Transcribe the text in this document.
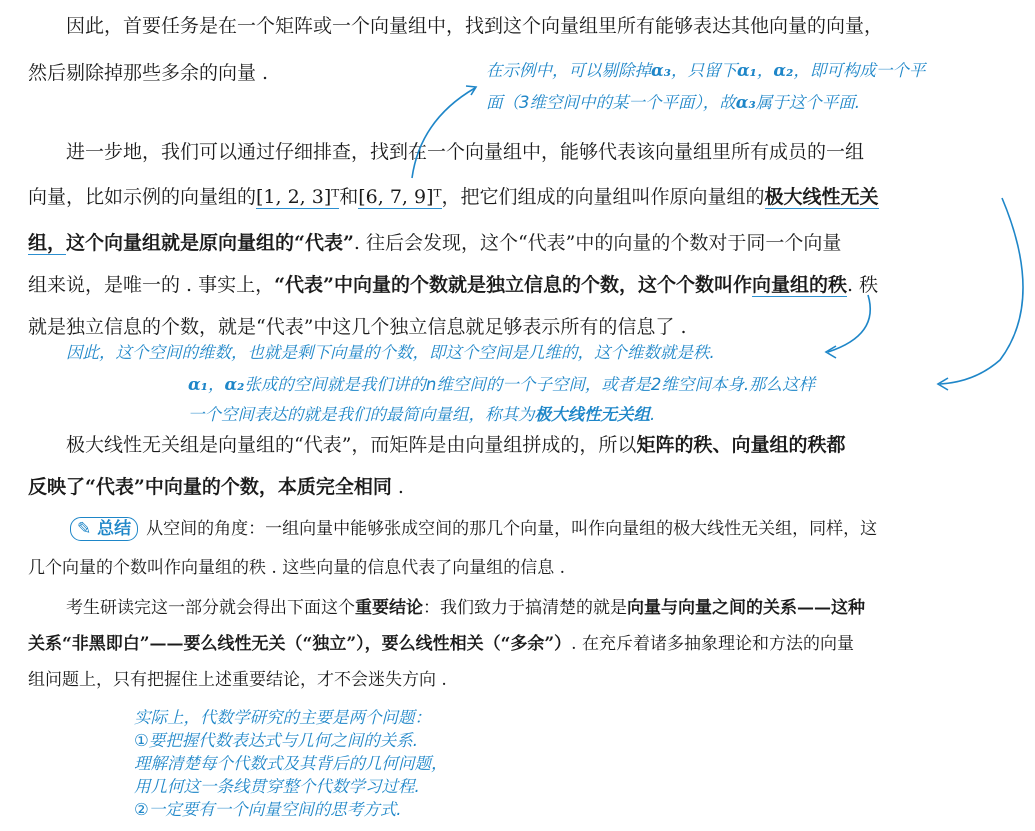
因此，首要任务是在一个矩阵或一个向量组中，找到这个向量组里所有能够表达其他向量的向量，
然后剔除掉那些多余的向量 .	在示例中，可以剔除掉α₃，只留下α₁，α₂，即可构成一个平
面（3维空间中的某一个平面），故α₃属于这个平面.
进一步地，我们可以通过仔细排查，找到在一个向量组中，能够代表该向量组里所有成员的一组
向量，比如示例的向量组的[1, 2, 3]ᵀ和[6, 7, 9]ᵀ，把它们组成的向量组叫作原向量组的极大线性无关
组，这个向量组就是原向量组的“代表”. 往后会发现，这个“代表”中的向量的个数对于同一个向量
组来说，是唯一的 . 事实上，“代表”中向量的个数就是独立信息的个数，这个个数叫作向量组的秩. 秩
就是独立信息的个数，就是“代表”中这几个独立信息就足够表示所有的信息了 .
因此，这个空间的维数，也就是剩下向量的个数，即这个空间是几维的，这个维数就是秩.
α₁，α₂张成的空间就是我们讲的n维空间的一个子空间，或者是2维空间本身.那么这样
一个空间表达的就是我们的最简向量组，称其为极大线性无关组.
极大线性无关组是向量组的“代表”，而矩阵是由向量组拼成的，所以矩阵的秩、向量组的秩都
反映了“代表”中向量的个数，本质完全相同 .
✎ 总结 从空间的角度：一组向量中能够张成空间的那几个向量，叫作向量组的极大线性无关组，同样，这
几个向量的个数叫作向量组的秩 . 这些向量的信息代表了向量组的信息 .
考生研读完这一部分就会得出下面这个重要结论：我们致力于搞清楚的就是向量与向量之间的关系——这种
关系“非黑即白”——要么线性无关（“独立”），要么线性相关（“多余”）. 在充斥着诸多抽象理论和方法的向量
组问题上，只有把握住上述重要结论，才不会迷失方向 .
实际上，代数学研究的主要是两个问题：
①要把握代数表达式与几何之间的关系.
理解清楚每个代数式及其背后的几何问题，
用几何这一条线贯穿整个代数学习过程.
②一定要有一个向量空间的思考方式.
